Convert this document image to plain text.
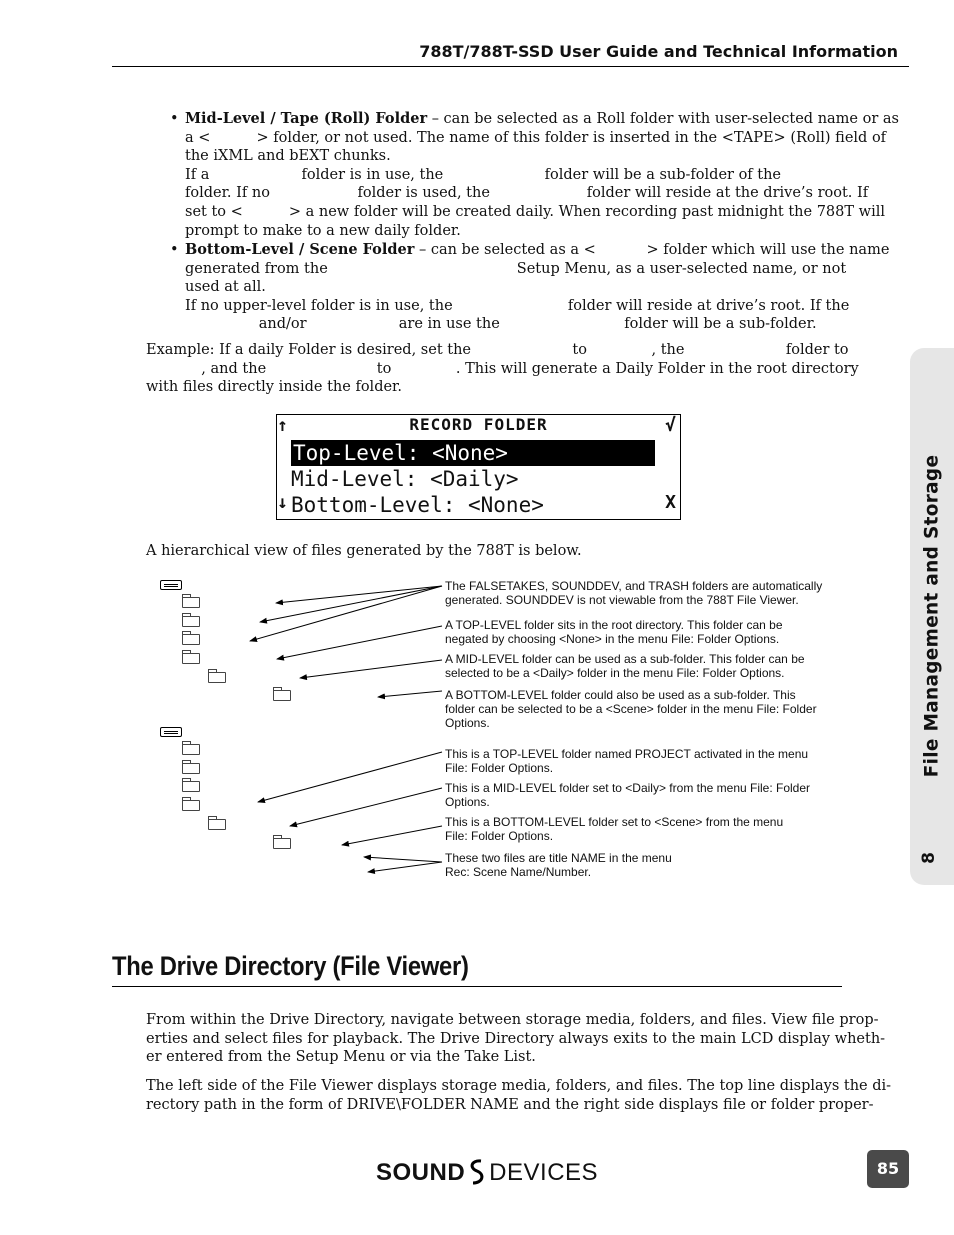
788T/788T-SSD User Guide and Technical Information
File Management and Storage
8
• Mid-Level / Tape (Roll) Folder – can be selected as a Roll folder with user-selected name or as
a <          > folder, or not used. The name of this folder is inserted in the <TAPE> (Roll) field of
the iXML and bEXT chunks.
If a                    folder is in use, the                      folder will be a sub-folder of the
folder. If no                   folder is used, the                     folder will reside at the drive’s root. If
set to <          > a new folder will be created daily. When recording past midnight the 788T will
prompt to make to a new daily folder.
• Bottom-Level / Scene Folder – can be selected as a <           > folder which will use the name
generated from the                                         Setup Menu, as a user-selected name, or not
used at all.
If no upper-level folder is in use, the                         folder will reside at drive’s root. If the
and/or                    are in use the                           folder will be a sub-folder.
Example: If a daily Folder is desired, set the                      to              , the                      folder to
, and the                        to              . This will generate a Daily Folder in the root directory
with files directly inside the folder.
RECORD FOLDER
↑	√
Top-Level: <None>
Mid-Level: <Daily>
↓ Bottom-Level: <None>	X
A hierarchical view of files generated by the 788T is below.
The FALSETAKES, SOUNDDEV, and TRASH folders are automatically
generated. SOUNDDEV is not viewable from the 788T File Viewer.
A TOP-LEVEL folder sits in the root directory. This folder can be
negated by choosing <None> in the menu File: Folder Options.
A MID-LEVEL folder can be used as a sub-folder. This folder can be
selected to be a <Daily> folder in the menu File: Folder Options.
A BOTTOM-LEVEL folder could also be used as a sub-folder. This
folder can be selected to be a <Scene> folder in the menu File: Folder
Options.
This is a TOP-LEVEL folder named PROJECT activated in the menu
File: Folder Options.
This is a MID-LEVEL folder set to <Daily> from the menu File: Folder
Options.
This is a BOTTOM-LEVEL folder set to <Scene> from the menu
File: Folder Options.
These two files are title NAME in the menu
Rec: Scene Name/Number.
The Drive Directory (File Viewer)
From within the Drive Directory, navigate between storage media, folders, and files. View file prop-
erties and select files for playback. The Drive Directory always exits to the main LCD display wheth-
er entered from the Setup Menu or via the Take List.
The left side of the File Viewer displays storage media, folders, and files. The top line displays the di-
rectory path in the form of DRIVE\FOLDER NAME and the right side displays file or folder proper-
SOUND DEVICES	85
